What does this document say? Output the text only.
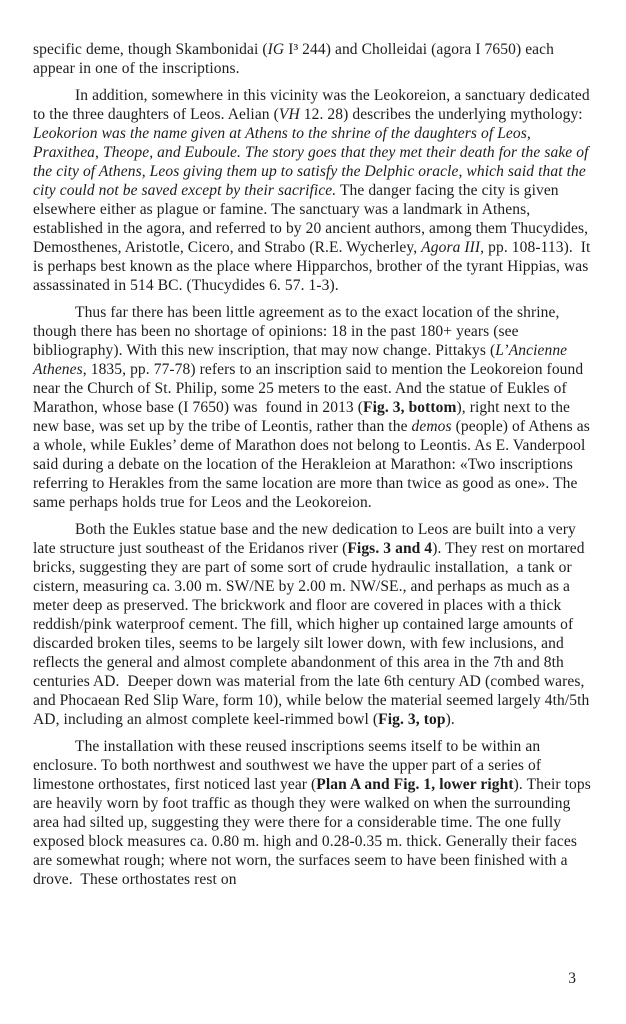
specific deme, though Skambonidai (IG I³ 244) and Cholleidai (agora I 7650) each  appear in one of the inscriptions.

In addition, somewhere in this vicinity was the Leokoreion, a sanctuary dedicated to the three daughters of Leos. Aelian (VH 12. 28) describes the underlying mythology:  Leokorion was the name given at Athens to the shrine of the daughters of Leos, Praxithea, Theope, and Euboule. The story goes that they met their death for the sake of the city of Athens, Leos giving them up to satisfy the Delphic oracle, which said that the city could not be saved except by their sacrifice. The danger facing the city is given elsewhere either as plague or famine. The sanctuary was a landmark in Athens, established in the agora, and referred to by 20 ancient authors, among them Thucydides, Demosthenes, Aristotle, Cicero, and Strabo (R.E. Wycherley, Agora III, pp. 108-113).  It is perhaps best known as the place where Hipparchos, brother of the tyrant Hippias, was assassinated in 514 BC. (Thucydides 6. 57. 1-3).

Thus far there has been little agreement as to the exact location of the shrine, though there has been no shortage of opinions: 18 in the past 180+ years (see bibliography). With this new inscription, that may now change. Pittakys (L’Ancienne Athenes, 1835, pp. 77-78) refers to an inscription said to mention the Leokoreion found near the Church of St. Philip, some 25 meters to the east. And the statue of Eukles of Marathon, whose base (I 7650) was  found in 2013 (Fig. 3, bottom), right next to the new base, was set up by the tribe of Leontis, rather than the demos (people) of Athens as a whole, while Eukles’ deme of Marathon does not belong to Leontis. As E. Vanderpool said during a debate on the location of the Herakleion at Marathon: «Two inscriptions referring to Herakles from the same location are more than twice as good as one». The same perhaps holds true for Leos and the Leokoreion.

Both the Eukles statue base and the new dedication to Leos are built into a very late structure just southeast of the Eridanos river (Figs. 3 and 4). They rest on mortared  bricks, suggesting they are part of some sort of crude hydraulic installation,  a tank or cistern, measuring ca. 3.00 m. SW/NE by 2.00 m. NW/SE., and perhaps as much as a meter deep as preserved. The brickwork and floor are covered in places with a thick reddish/pink waterproof cement. The fill, which higher up contained large amounts of discarded broken tiles, seems to be largely silt lower down, with few inclusions, and reflects the general and almost complete abandonment of this area in the 7th and 8th centuries AD.  Deeper down was material from the late 6th century AD (combed wares, and Phocaean Red Slip Ware, form 10), while below the material seemed largely 4th/5th AD, including an almost complete keel-rimmed bowl (Fig. 3, top).

The installation with these reused inscriptions seems itself to be within an enclosure. To both northwest and southwest we have the upper part of a series of limestone orthostates, first noticed last year (Plan A and Fig. 1, lower right). Their tops are heavily worn by foot traffic as though they were walked on when the surrounding area had silted up, suggesting they were there for a considerable time. The one fully exposed block measures ca. 0.80 m. high and 0.28-0.35 m. thick. Generally their faces are somewhat rough; where not worn, the surfaces seem to have been finished with a drove.  These orthostates rest on

3
